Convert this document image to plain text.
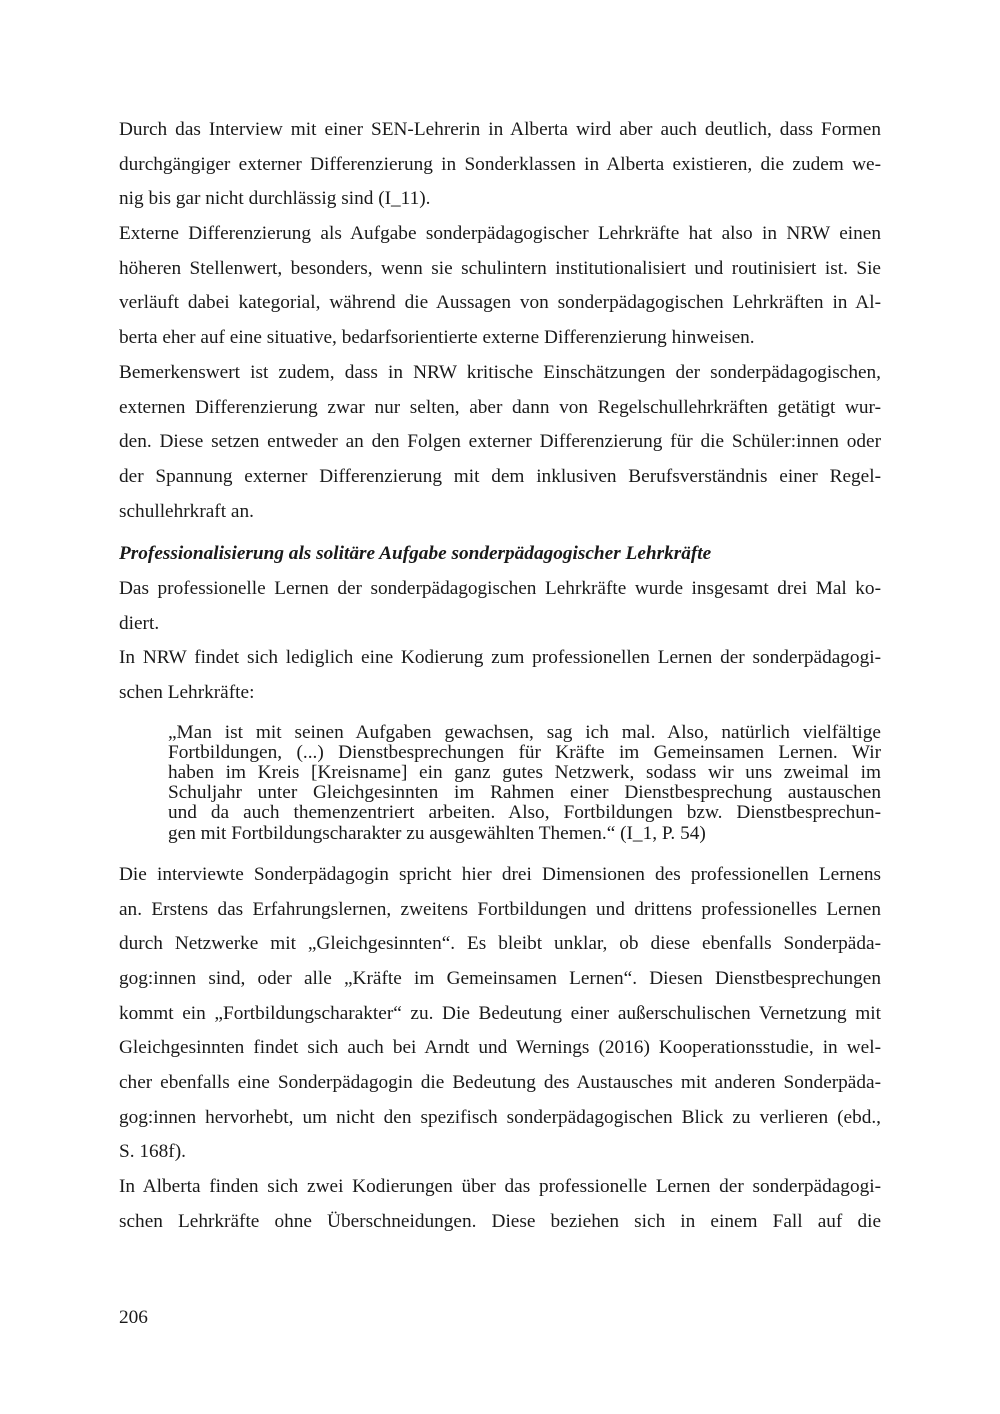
Durch das Interview mit einer SEN-Lehrerin in Alberta wird aber auch deutlich, dass Formen
durchgängiger externer Differenzierung in Sonderklassen in Alberta existieren, die zudem we-
nig bis gar nicht durchlässig sind (I_11).
Externe Differenzierung als Aufgabe sonderpädagogischer Lehrkräfte hat also in NRW einen
höheren Stellenwert, besonders, wenn sie schulintern institutionalisiert und routinisiert ist. Sie
verläuft dabei kategorial, während die Aussagen von sonderpädagogischen Lehrkräften in Al-
berta eher auf eine situative, bedarfsorientierte externe Differenzierung hinweisen.
Bemerkenswert ist zudem, dass in NRW kritische Einschätzungen der sonderpädagogischen,
externen Differenzierung zwar nur selten, aber dann von Regelschullehrkräften getätigt wur-
den. Diese setzen entweder an den Folgen externer Differenzierung für die Schüler:innen oder
der Spannung externer Differenzierung mit dem inklusiven Berufsverständnis einer Regel-
schullehrkraft an.
Professionalisierung als solitäre Aufgabe sonderpädagogischer Lehrkräfte
Das professionelle Lernen der sonderpädagogischen Lehrkräfte wurde insgesamt drei Mal ko-
diert.
In NRW findet sich lediglich eine Kodierung zum professionellen Lernen der sonderpädagogi-
schen Lehrkräfte:
„Man ist mit seinen Aufgaben gewachsen, sag ich mal. Also, natürlich vielfältige
Fortbildungen, (...) Dienstbesprechungen für Kräfte im Gemeinsamen Lernen. Wir
haben im Kreis [Kreisname] ein ganz gutes Netzwerk, sodass wir uns zweimal im
Schuljahr unter Gleichgesinnten im Rahmen einer Dienstbesprechung austauschen
und da auch themenzentriert arbeiten. Also, Fortbildungen bzw. Dienstbesprechun-
gen mit Fortbildungscharakter zu ausgewählten Themen.“ (I_1, P. 54)
Die interviewte Sonderpädagogin spricht hier drei Dimensionen des professionellen Lernens
an. Erstens das Erfahrungslernen, zweitens Fortbildungen und drittens professionelles Lernen
durch Netzwerke mit „Gleichgesinnten“. Es bleibt unklar, ob diese ebenfalls Sonderpäda-
gog:innen sind, oder alle „Kräfte im Gemeinsamen Lernen“. Diesen Dienstbesprechungen
kommt ein „Fortbildungscharakter“ zu. Die Bedeutung einer außerschulischen Vernetzung mit
Gleichgesinnten findet sich auch bei Arndt und Wernings (2016) Kooperationsstudie, in wel-
cher ebenfalls eine Sonderpädagogin die Bedeutung des Austausches mit anderen Sonderpäda-
gog:innen hervorhebt, um nicht den spezifisch sonderpädagogischen Blick zu verlieren (ebd.,
S. 168f).
In Alberta finden sich zwei Kodierungen über das professionelle Lernen der sonderpädagogi-
schen Lehrkräfte ohne Überschneidungen. Diese beziehen sich in einem Fall auf die
206
